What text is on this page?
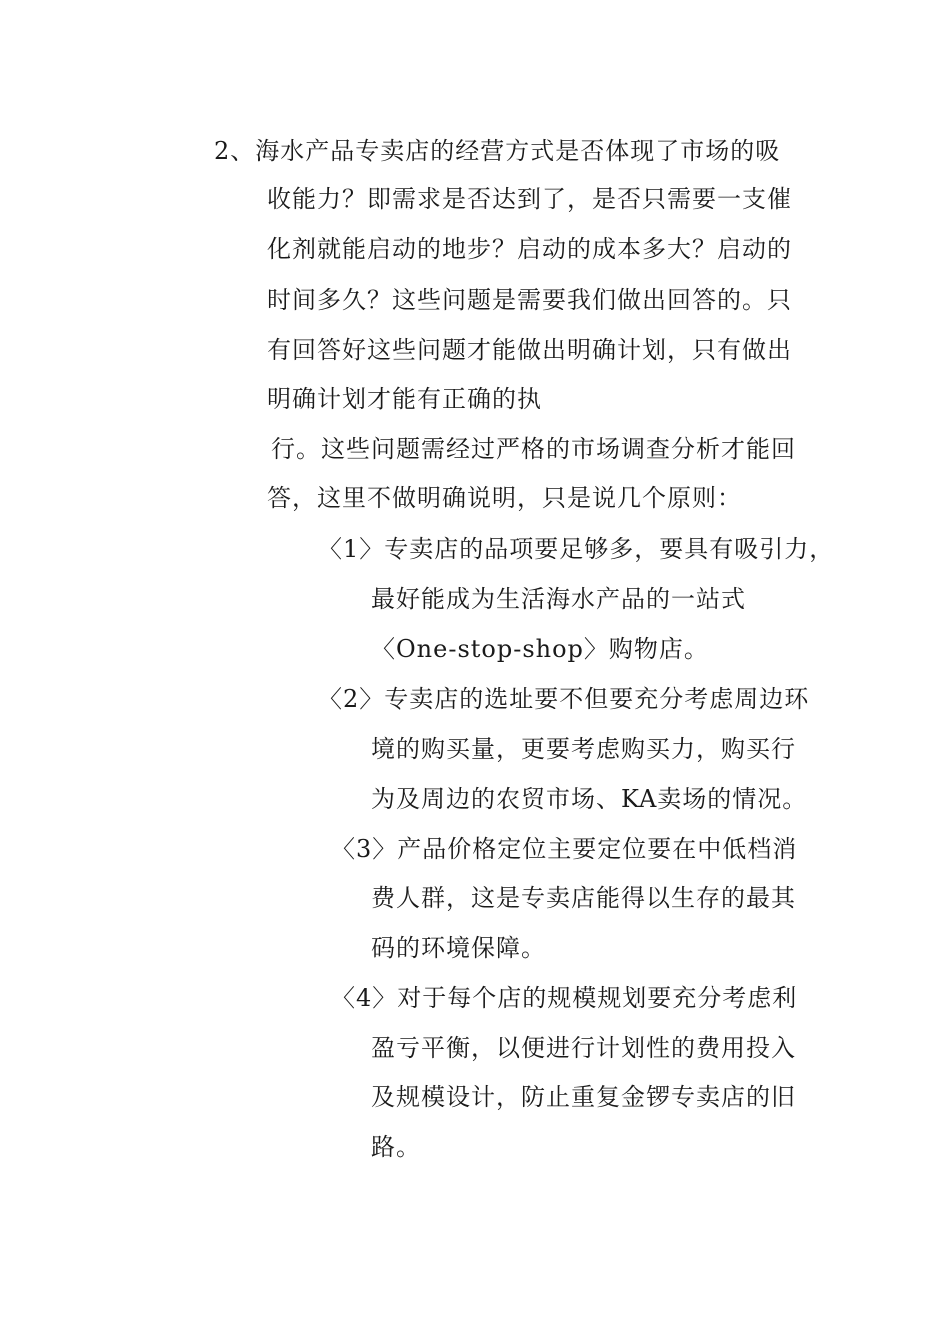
2、海水产品专卖店的经营方式是否体现了市场的吸
收能力？即需求是否达到了，是否只需要一支催
化剂就能启动的地步？启动的成本多大？启动的
时间多久？这些问题是需要我们做出回答的。只
有回答好这些问题才能做出明确计划，只有做出
明确计划才能有正确的执
行。这些问题需经过严格的市场调查分析才能回
答，这里不做明确说明，只是说几个原则：
〈1〉专卖店的品项要足够多，要具有吸引力，
最好能成为生活海水产品的一站式
〈One-stop-shop〉购物店。
〈2〉专卖店的选址要不但要充分考虑周边环
境的购买量，更要考虑购买力，购买行
为及周边的农贸市场、KA卖场的情况。
〈3〉产品价格定位主要定位要在中低档消
费人群，这是专卖店能得以生存的最其
码的环境保障。
〈4〉对于每个店的规模规划要充分考虑利
盈亏平衡，以便进行计划性的费用投入
及规模设计，防止重复金锣专卖店的旧
路。
